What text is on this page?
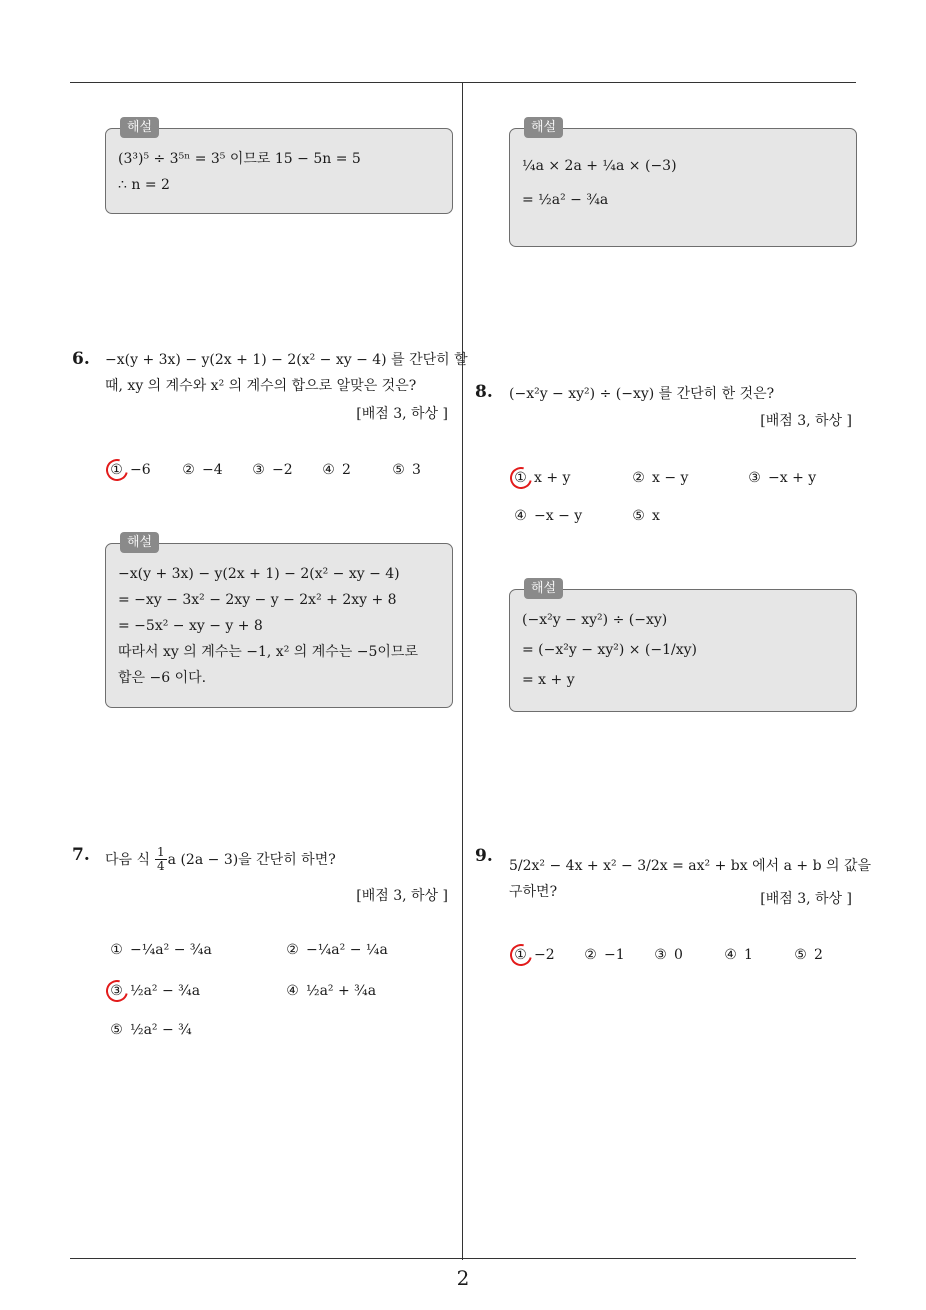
2
해설
(3³)⁵ ÷ 3⁵ⁿ = 3⁵ 이므로 15 − 5n = 5
∴ n = 2
6. −x(y + 3x) − y(2x + 1) − 2(x² − xy − 4) 를 간단히 할
때, xy 의 계수와 x² 의 계수의 합으로 알맞은 것은?
[배점 3, 하상 ]
① −6 ② −4 ③ −2 ④ 2	⑤ 3
해설
−x(y + 3x) − y(2x + 1) − 2(x² − xy − 4)
= −xy − 3x² − 2xy − y − 2x² + 2xy + 8
= −5x² − xy − y + 8
따라서 xy 의 계수는 −1, x² 의 계수는 −5이므로
합은 −6 이다.
7. 다음 식 $\frac{1}{4}$ a (2a − 3)을 간단히 하면?
[배점 3, 하상 ]
① −¼a² − ¾a	② −¼a² − ¼a
③ ½a² − ¾a	④ ½a² + ¾a
⑤ ½a² − ¾
해설
¼a × 2a + ¼a × (−3)
= ½a² − ¾a
8. (−x²y − xy²) ÷ (−xy) 를 간단히 한 것은?
[배점 3, 하상 ]
① x + y	② x − y	③ −x + y
④ −x − y	⑤ x
해설
(−x²y − xy²) ÷ (−xy)
= (−x²y − xy²) × (−1/xy)
= x + y
9. 5/2x² − 4x + x² − 3/2x = ax² + bx 에서 a + b 의 값을
구하면?	[배점 3, 하상 ]
① −2 ② −1 ③ 0	④ 1	⑤ 2
